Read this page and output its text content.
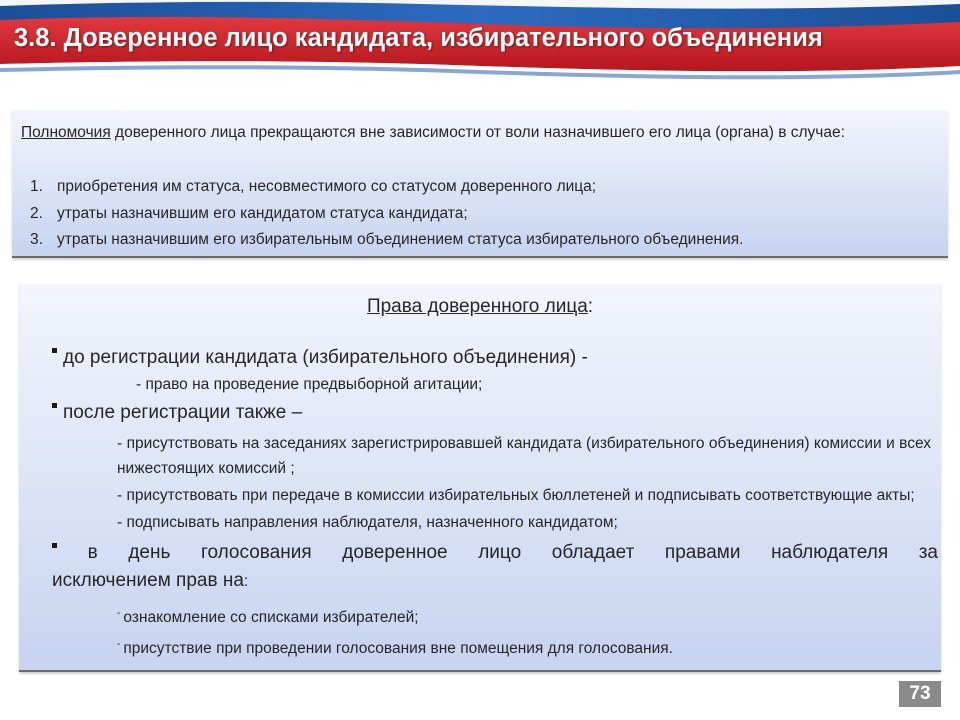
3.8. Доверенное лицо кандидата, избирательного объединения

Полномочия доверенного лица прекращаются вне зависимости от воли назначившего его лица (органа) в случае:

1. приобретения им статуса, несовместимого со статусом доверенного лица;
2. утраты назначившим его кандидатом статуса кандидата;
3. утраты назначившим его избирательным объединением статуса избирательного объединения.

Права доверенного лица:

до регистрации кандидата (избирательного объединения) -
- право на проведение предвыборной агитации;
после регистрации также –
- присутствовать на заседаниях зарегистрировавшей кандидата (избирательного объединения) комиссии и всех нижестоящих комиссий ;
- присутствовать при передаче в комиссии избирательных бюллетеней и подписывать соответствующие акты;
- подписывать направления наблюдателя, назначенного кандидатом;
в день голосования доверенное лицо обладает правами наблюдателя за
исключением прав на:
- ознакомление со списками избирателей;
- присутствие при проведении голосования вне помещения для голосования.
73
